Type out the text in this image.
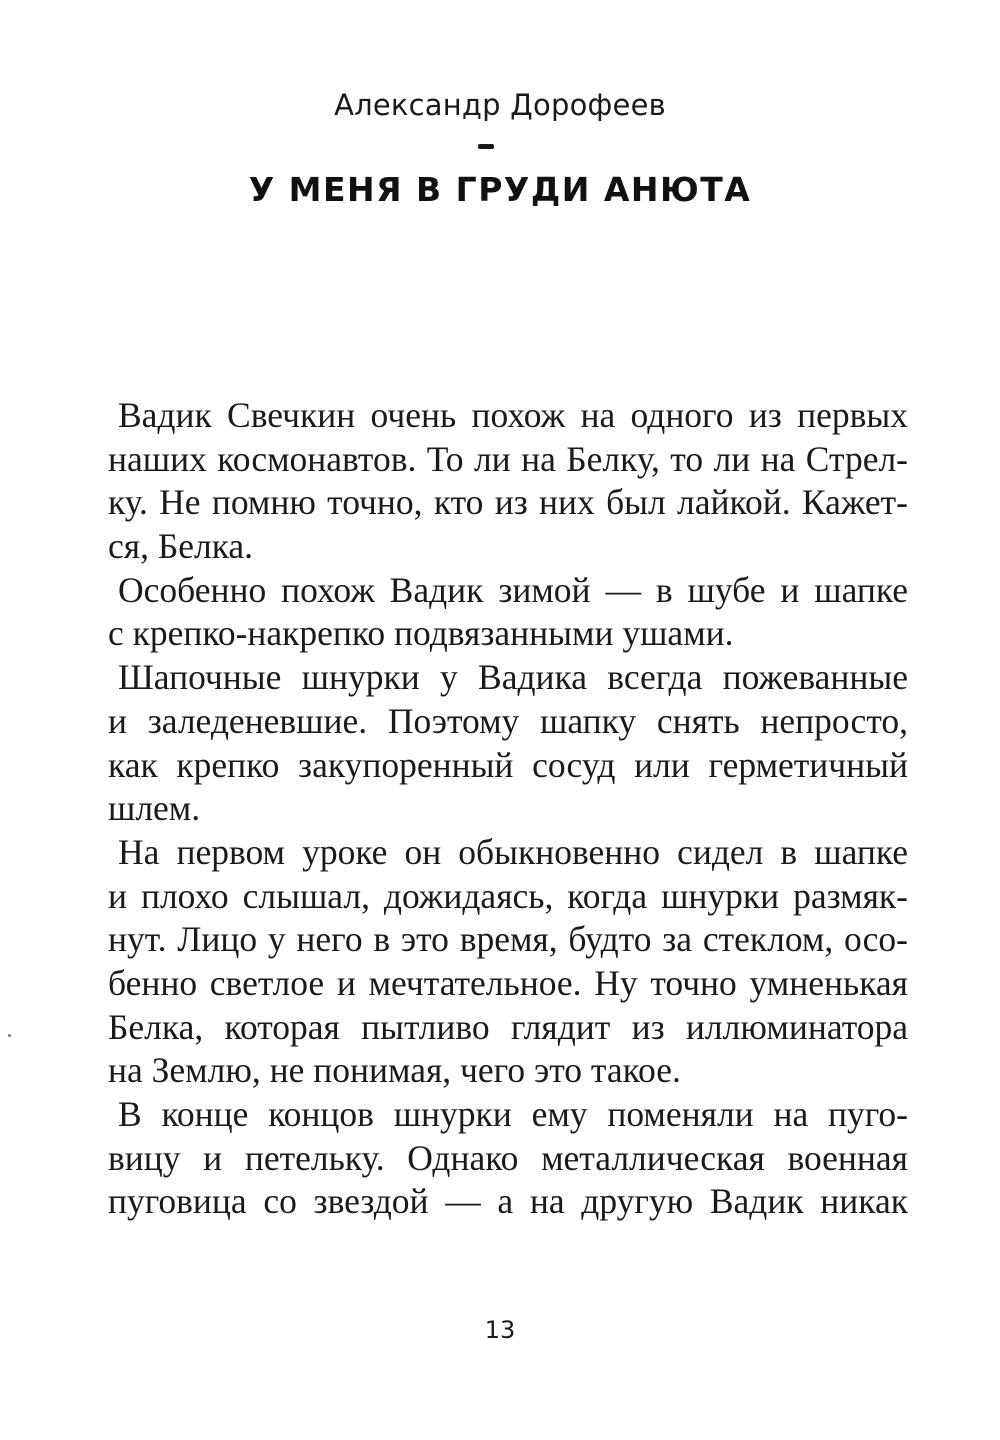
Александр Дорофеев
У МЕНЯ В ГРУДИ АНЮТА
Вадик Свечкин очень похож на одного из первых
наших космонавтов. То ли на Белку, то ли на Стрел-
ку. Не помню точно, кто из них был лайкой. Кажет-
ся, Белка.
Особенно похож Вадик зимой — в шубе и шапке
с крепко-накрепко подвязанными ушами.
Шапочные шнурки у Вадика всегда пожеванные
и заледеневшие. Поэтому шапку снять непросто,
как крепко закупоренный сосуд или герметичный
шлем.
На первом уроке он обыкновенно сидел в шапке
и плохо слышал, дожидаясь, когда шнурки размяк-
нут. Лицо у него в это время, будто за стеклом, осо-
бенно светлое и мечтательное. Ну точно умненькая
Белка, которая пытливо глядит из иллюминатора
на Землю, не понимая, чего это такое.
В конце концов шнурки ему поменяли на пуго-
вицу и петельку. Однако металлическая военная
пуговица со звездой — а на другую Вадик никак
13
